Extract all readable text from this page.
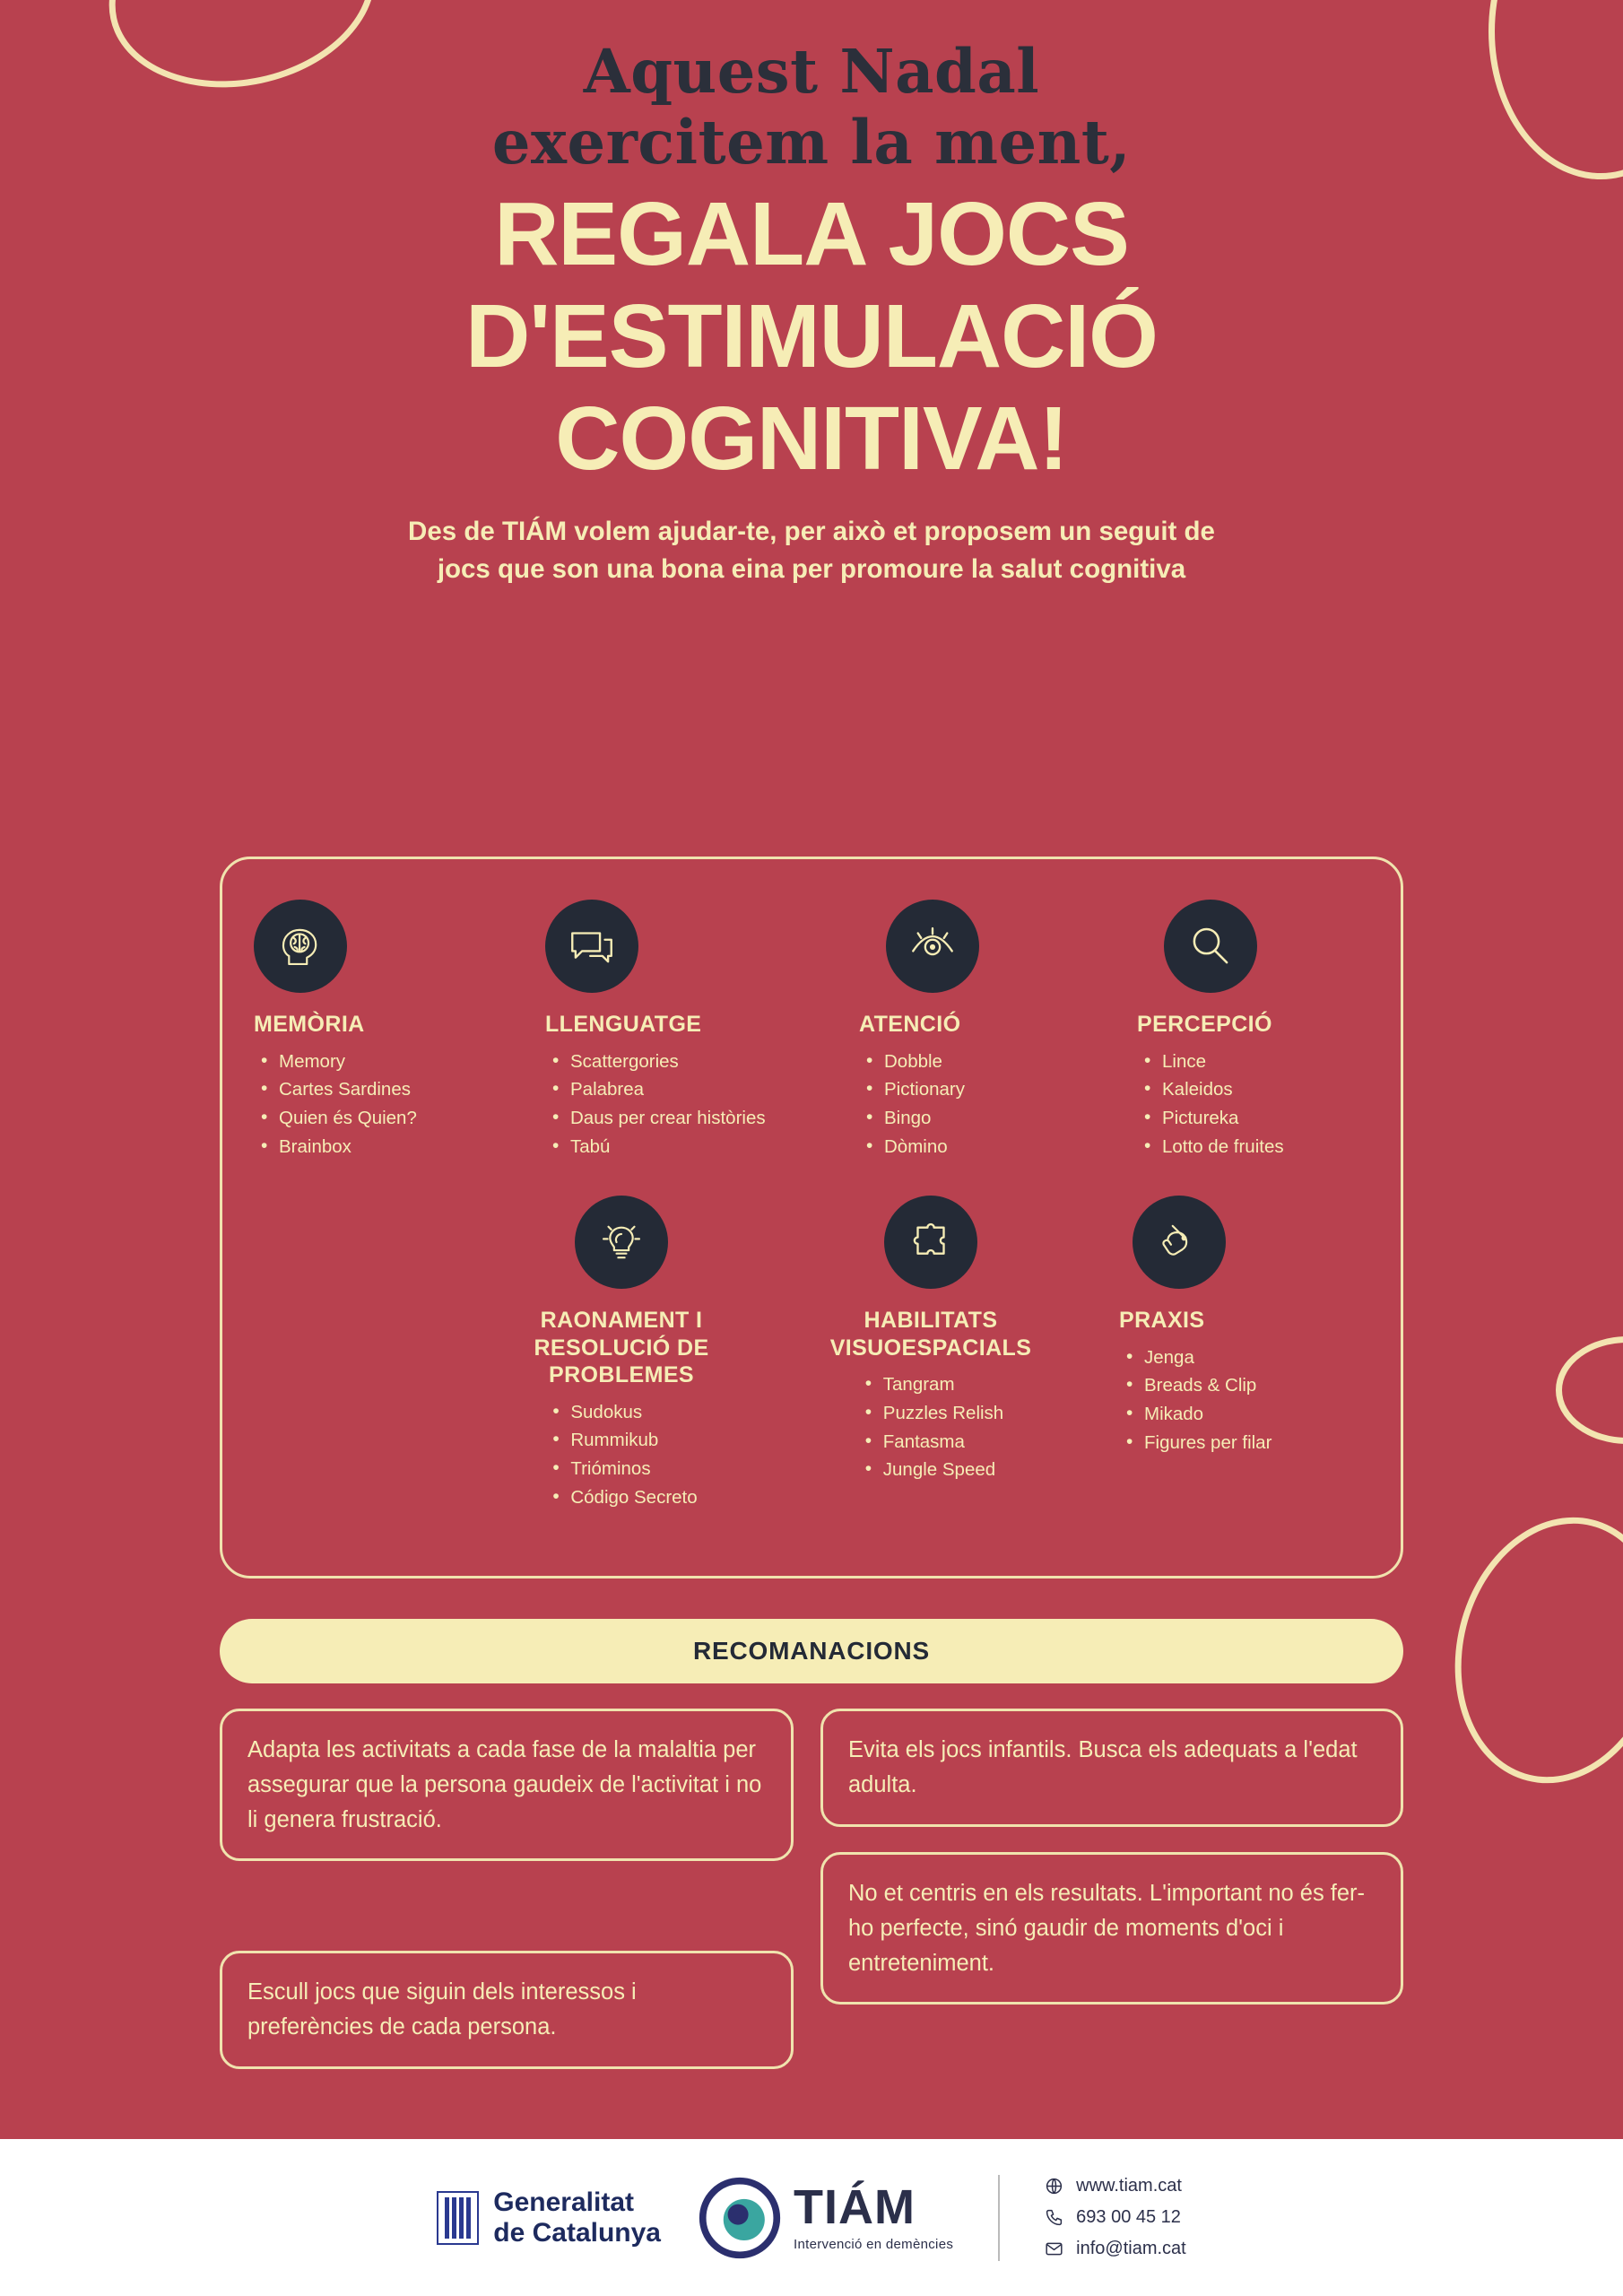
Aquest Nadal
exercitem la ment,
REGALA JOCS
D'ESTIMULACIÓ
COGNITIVA!
Des de TIÁM volem ajudar-te, per això et proposem un seguit de
jocs que son una bona eina per promoure la salut cognitiva
MEMÒRIA
• Memory
• Cartes Sardines
• Quien és Quien?
• Brainbox
LLENGUATGE
• Scattergories
• Palabrea
• Daus per crear històries
• Tabú
ATENCIÓ
• Dobble
• Pictionary
• Bingo
• Dòmino
PERCEPCIÓ
• Lince
• Kaleidos
• Pictureka
• Lotto de fruites
RAONAMENT I RESOLUCIÓ DE PROBLEMES
• Sudokus
• Rummikub
• Trióminos
• Código Secreto
HABILITATS VISUOESPACIALS
• Tangram
• Puzzles Relish
• Fantasma
• Jungle Speed
PRAXIS
• Jenga
• Breads & Clip
• Mikado
• Figures per filar
RECOMANACIONS
Adapta les activitats a cada fase de la malaltia per assegurar que la persona gaudeix de l'activitat i no li genera frustració.
Evita els jocs infantils. Busca els adequats a l'edat adulta.
No et centris en els resultats. L'important no és fer-ho perfecte, sinó gaudir de moments d'oci i entreteniment.
Escull jocs que siguin dels interessos i preferències de cada persona.
Generalitat
de Catalunya	TIÁM
Intervenció en demències
www.tiam.cat
693 00 45 12
info@tiam.cat
